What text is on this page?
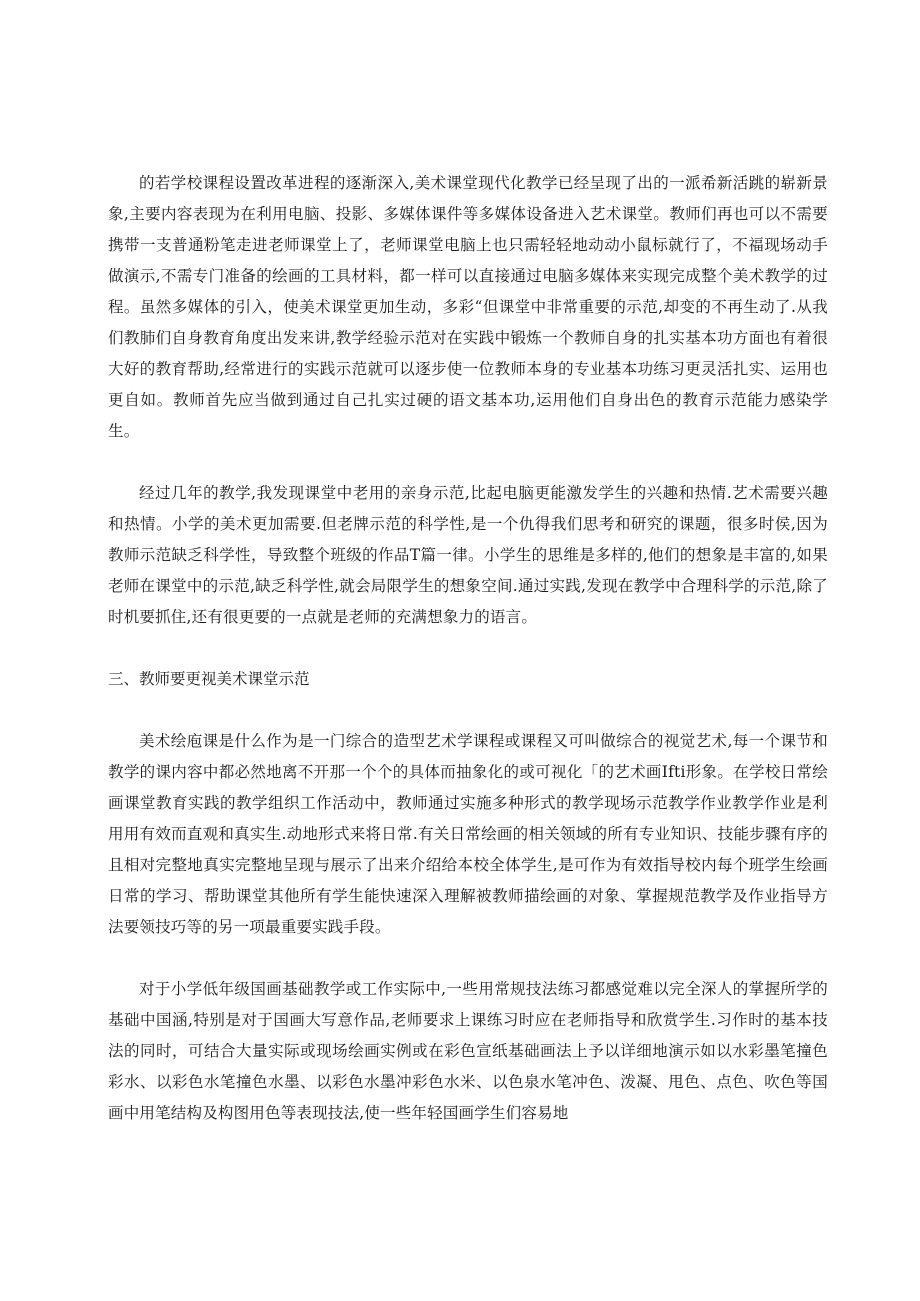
的若学校课程设置改革进程的逐渐深入,美术课堂现代化教学已经呈现了出的一派希新活跳的崭新景象,主要内容表现为在利用电脑、投影、多媒体课件等多媒体设备进入艺术课堂。教师们再也可以不需要携带一支普通粉笔走进老师课堂上了，老师课堂电脑上也只需轻轻地动动小鼠标就行了，不福现场动手做演示,不需专门准备的绘画的工具材料，都一样可以直接通过电脑多媒体来实现完成整个美术教学的过程。虽然多媒体的引入，使美术课堂更加生动，多彩“但课堂中非常重要的示范,却变的不再生动了.从我们教肺们自身教育角度出发来讲,教学经验示范对在实践中锻炼一个教师自身的扎实基本功方面也有着很大好的教育帮助,经常进行的实践示范就可以逐步使一位教师本身的专业基本功练习更灵活扎实、运用也更自如。教师首先应当做到通过自己扎实过硬的语文基本功,运用他们自身出色的教育示范能力感染学生。

经过几年的教学,我发现课堂中老用的亲身示范,比起电脑更能激发学生的兴趣和热情.艺术需要兴趣和热情。小学的美术更加需要.但老牌示范的科学性,是一个仇得我们思考和研究的课题，很多时侯,因为教师示范缺乏科学性，导致整个班级的作品T篇一律。小学生的思维是多样的,他们的想象是丰富的,如果老师在课堂中的示范,缺乏科学性,就会局限学生的想象空间.通过实践,发现在教学中合理科学的示范,除了时机要抓住,还有很更要的一点就是老师的充满想象力的语言。

三、教师要更视美术课堂示范

美术绘庖课是什么作为是一门综合的造型艺术学课程或课程又可叫做综合的视觉艺术,每一个课节和教学的课内容中都必然地离不开那一个个的具体而抽象化的或可视化「的艺术画Ifti形象。在学校日常绘画课堂教育实践的教学组织工作活动中，教师通过实施多种形式的教学现场示范教学作业教学作业是利用用有效而直观和真实生.动地形式来将日常.有关日常绘画的相关领域的所有专业知识、技能步骤有序的且相对完整地真实完整地呈现与展示了出来介绍给本校全体学生,是可作为有效指导校内每个班学生绘画日常的学习、帮助课堂其他所有学生能快速深入理解被教师描绘画的对象、掌握规范教学及作业指导方法要领技巧等的另一项最重要实践手段。

对于小学低年级国画基础教学或工作实际中,一些用常规技法练习都感觉难以完全深人的掌握所学的基础中国涵,特别是对于国画大写意作品,老师要求上课练习时应在老师指导和欣赏学生.习作时的基本技法的同时，可结合大量实际或现场绘画实例或在彩色宣纸基础画法上予以详细地演示如以水彩墨笔撞色彩水、以彩色水笔撞色水墨、以彩色水墨冲彩色水米、以色泉水笔冲色、泼凝、甩色、点色、吹色等国画中用笔结构及构图用色等表现技法,使一些年轻国画学生们容易地
